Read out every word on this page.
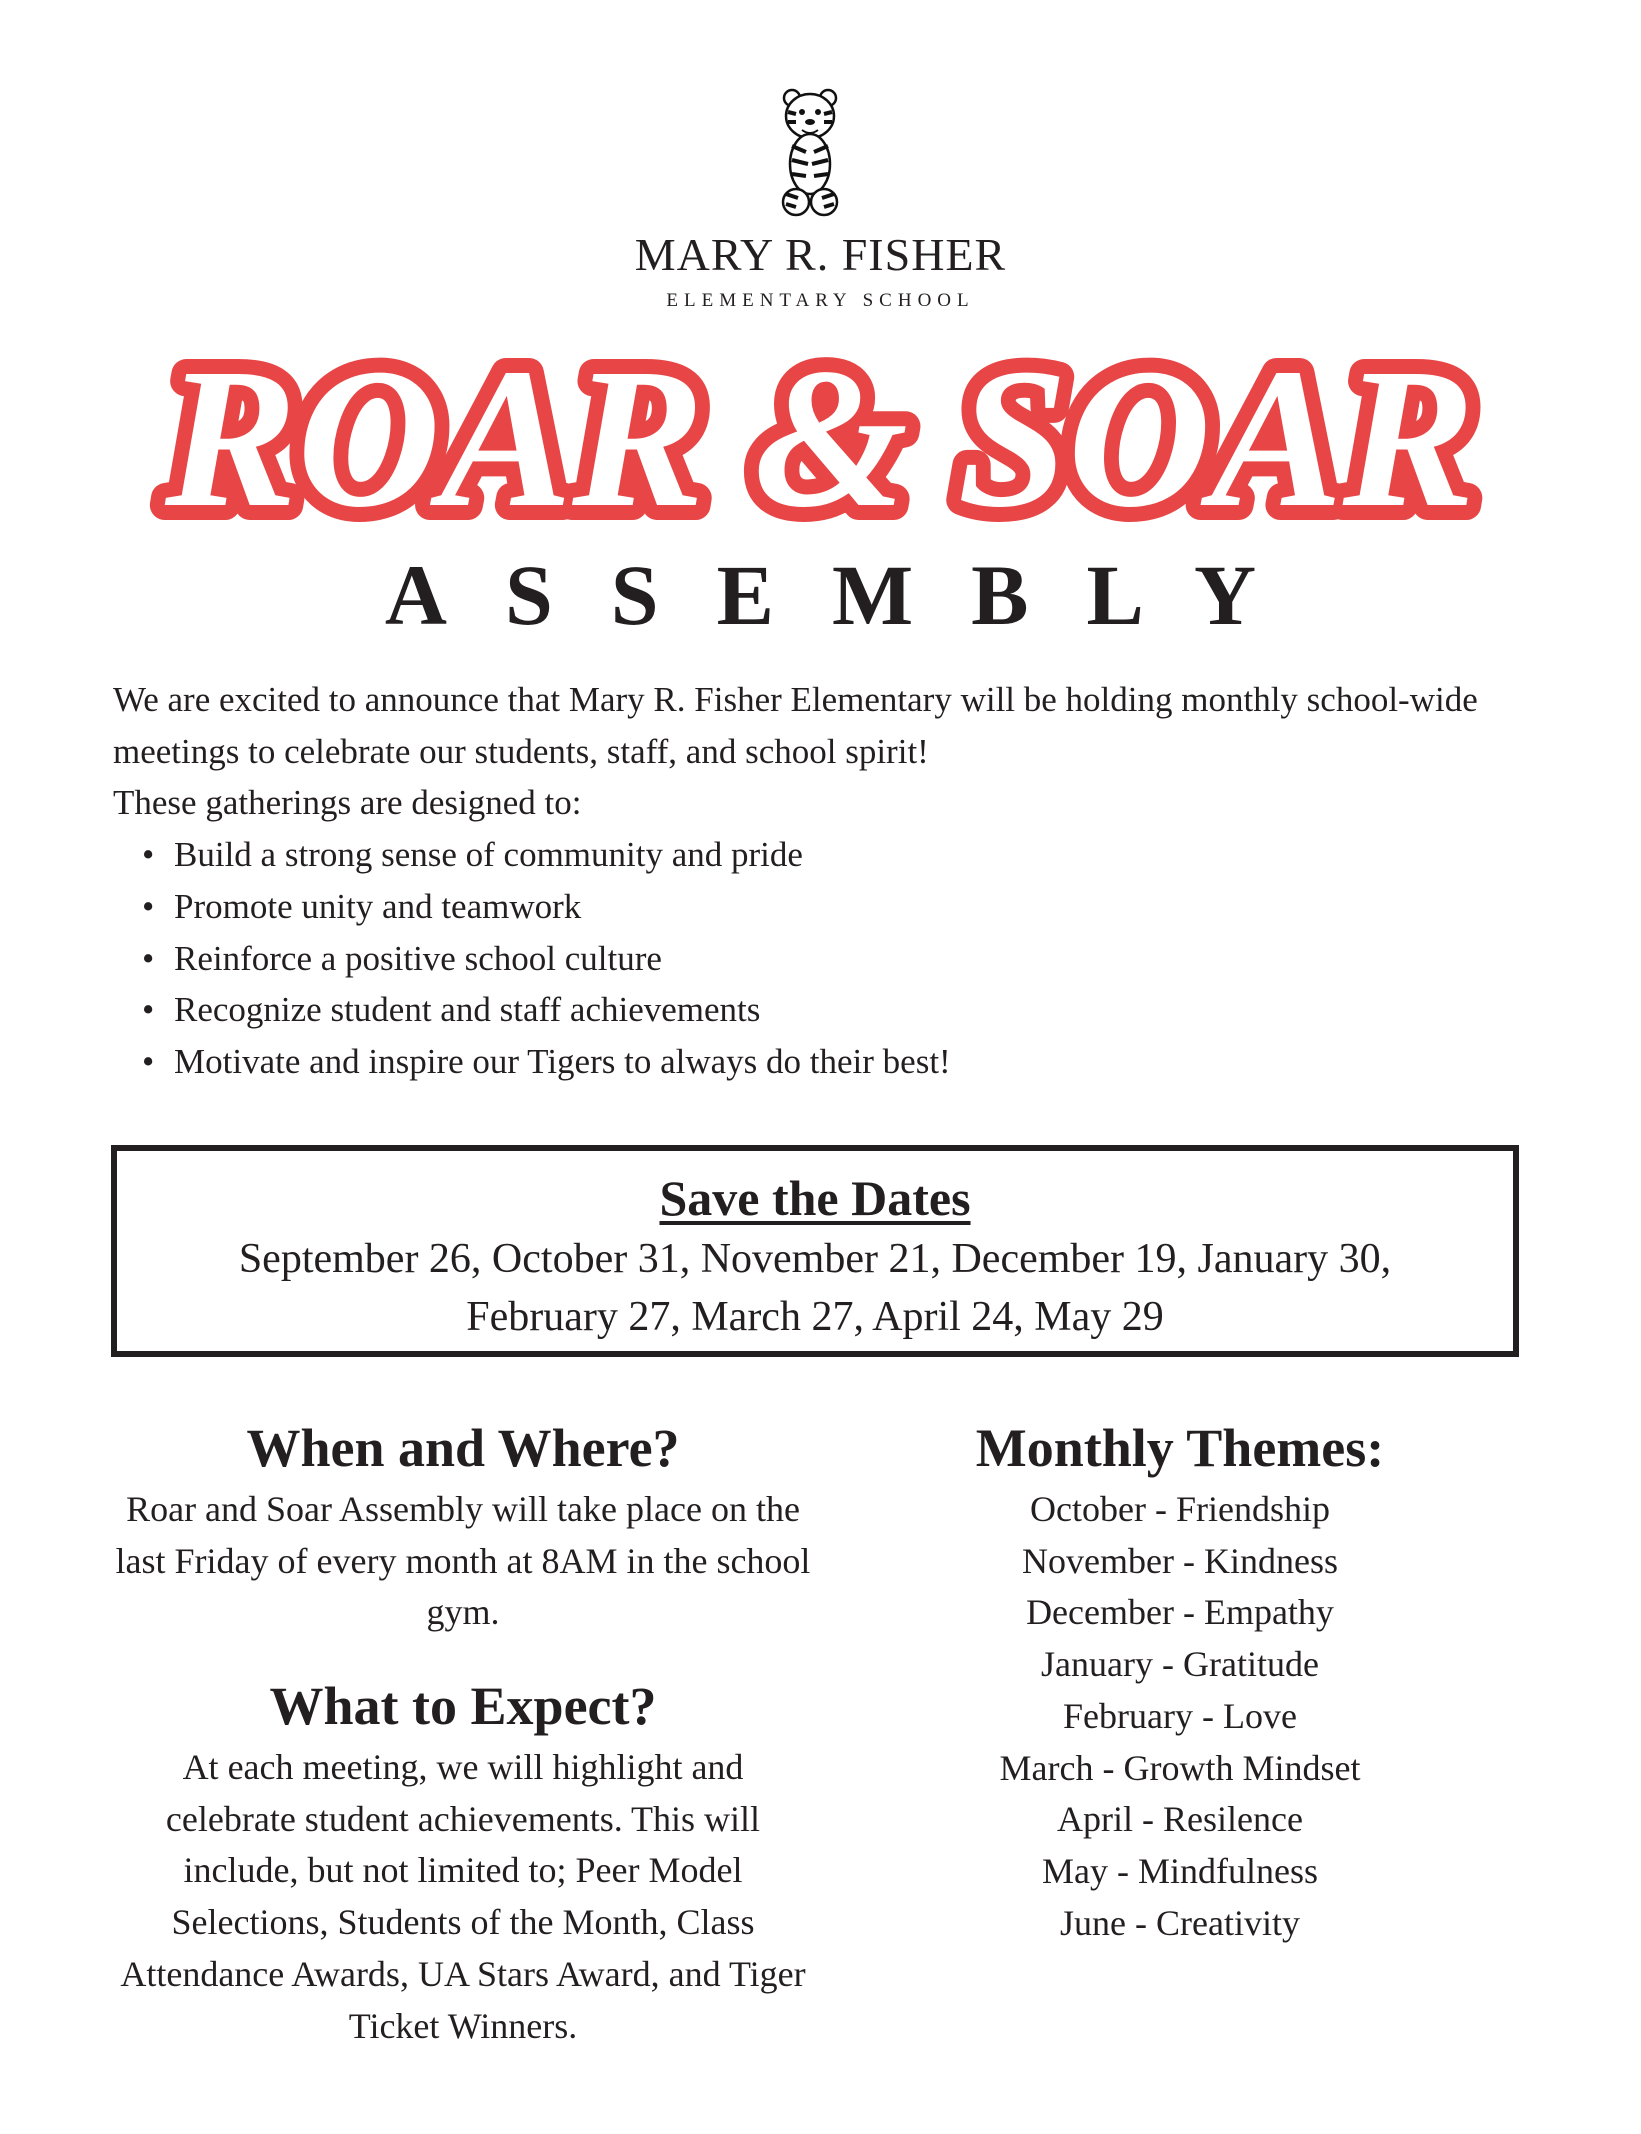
MARY R. FISHER
ELEMENTARY SCHOOL
ROAR & SOAR
ASSEMBLY

We are excited to announce that Mary R. Fisher Elementary will be holding monthly school-wide meetings to celebrate our students, staff, and school spirit!

These gatherings are designed to:

• Build a strong sense of community and pride
• Promote unity and teamwork
• Reinforce a positive school culture
• Recognize student and staff achievements
• Motivate and inspire our Tigers to always do their best!
Save the Dates
September 26, October 31, November 21, December 19, January 30,
February 27, March 27, April 24, May 29
When and Where?

Roar and Soar Assembly will take place on the last Friday of every month at 8AM in the school gym.

What to Expect?

At each meeting, we will highlight and celebrate student achievements. This will include, but not limited to; Peer Model Selections, Students of the Month, Class Attendance Awards, UA Stars Award, and Tiger Ticket Winners.

Monthly Themes:
October - Friendship
November - Kindness
December - Empathy
January - Gratitude
February - Love
March - Growth Mindset
April - Resilence
May - Mindfulness
June - Creativity
